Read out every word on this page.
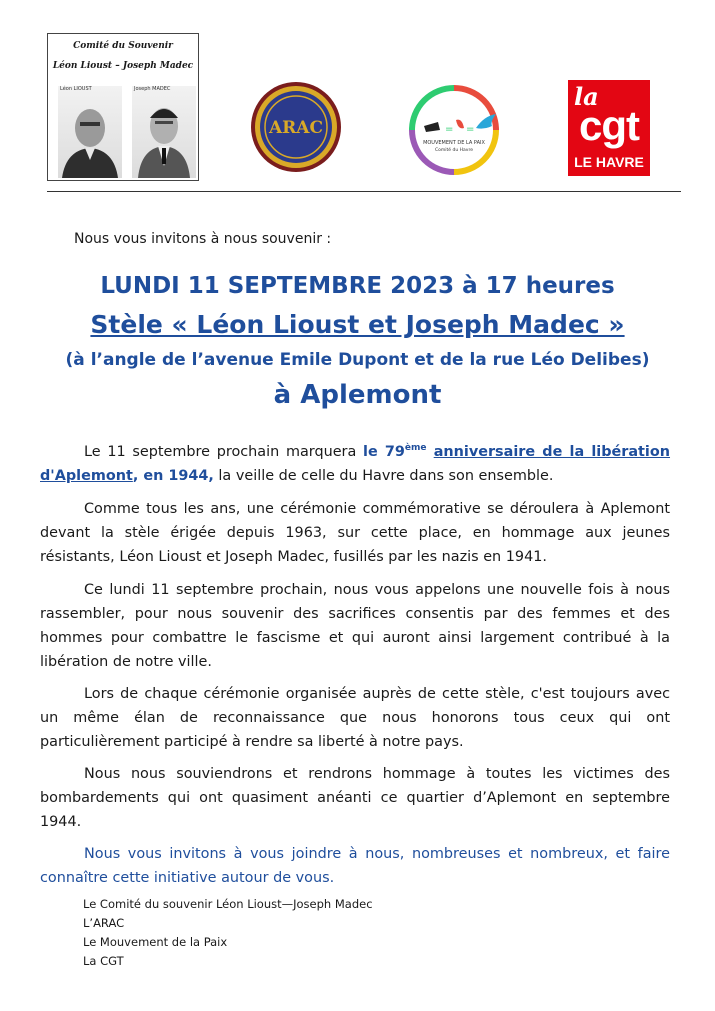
Comité du Souvenir
Léon Lioust – Joseph Madec
Léon LIOUST	Joseph MADEC
ARAC	= =
MOUVEMENT DE LA PAIX
Comité du Havre
la
cgt
LE HAVRE
Nous vous invitons à nous souvenir :
LUNDI 11 SEPTEMBRE 2023 à 17 heures
Stèle « Léon Lioust et Joseph Madec »
(à l’angle de l’avenue Emile Dupont et de la rue Léo Delibes)
à Aplemont
Le 11 septembre prochain marquera le 79ème anniversaire de la libération d'Aplemont, en 1944, la veille de celle du Havre dans son ensemble.
Comme tous les ans, une cérémonie commémorative se déroulera à Aplemont devant la stèle érigée depuis 1963, sur cette place, en hommage aux jeunes résistants, Léon Lioust et Joseph Madec, fusillés par les nazis en 1941.
Ce lundi 11 septembre prochain, nous vous appelons une nouvelle fois à nous rassembler, pour nous souvenir des sacrifices consentis par des femmes et des hommes pour combattre le fascisme et qui auront ainsi largement contribué à la libération de notre ville.
Lors de chaque cérémonie organisée auprès de cette stèle, c'est toujours avec un même élan de reconnaissance que nous honorons tous ceux qui ont particulièrement participé à rendre sa liberté à notre pays.
Nous nous souviendrons et rendrons hommage à toutes les victimes des bombardements qui ont quasiment anéanti ce quartier d’Aplemont en septembre 1944.
Nous vous invitons à vous joindre à nous, nombreuses et nombreux, et faire connaître cette initiative autour de vous.
Le Comité du souvenir Léon Lioust—Joseph Madec
L’ARAC
Le Mouvement de la Paix
La CGT
